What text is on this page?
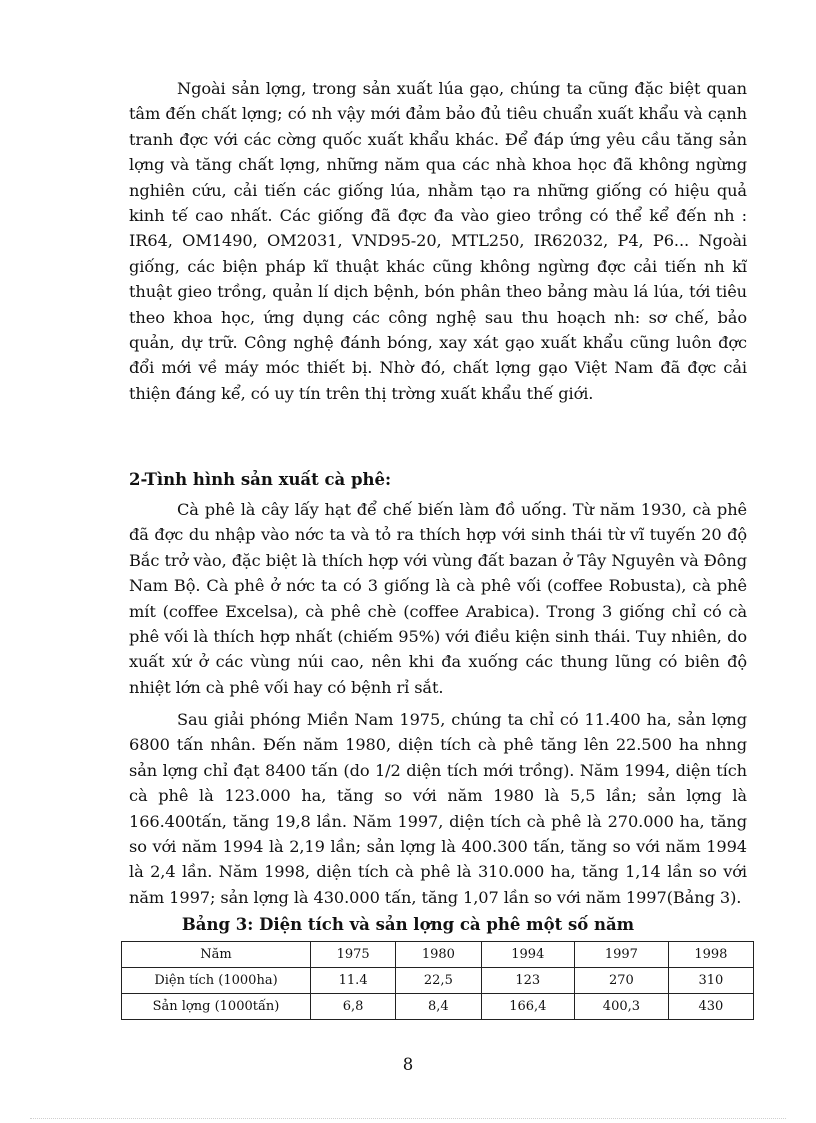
Ngoài sản lợng, trong sản xuất lúa gạo, chúng ta cũng đặc biệt quan tâm đến chất lợng; có nh vậy mới đảm bảo đủ tiêu chuẩn xuất khẩu và cạnh tranh đợc với các cờng quốc xuất khẩu khác. Để đáp ứng yêu cầu tăng sản lợng và tăng chất lợng, những năm qua các nhà khoa học đã không ngừng nghiên cứu, cải tiến các giống lúa, nhằm tạo ra những giống có hiệu quả kinh tế cao nhất. Các giống đã đợc đa vào gieo trồng có thể kể đến nh : IR64, OM1490, OM2031, VND95-20, MTL250, IR62032, P4, P6... Ngoài giống, các biện pháp kĩ thuật khác cũng không ngừng đợc cải tiến nh kĩ thuật gieo trồng, quản lí dịch bệnh, bón phân theo bảng màu lá lúa, tới tiêu theo khoa học, ứng dụng các công nghệ sau thu hoạch nh: sơ chế, bảo quản, dự trữ. Công nghệ đánh bóng, xay xát gạo xuất khẩu cũng luôn đợc đổi mới về máy móc thiết bị. Nhờ đó, chất lợng gạo Việt Nam đã đợc cải thiện đáng kể, có uy tín trên thị trờng xuất khẩu thế giới.

2-Tình hình sản xuất cà phê:

Cà phê là cây lấy hạt để chế biến làm đồ uống. Từ năm 1930, cà phê đã đợc du nhập vào nớc ta và tỏ ra thích hợp với sinh thái từ vĩ tuyến 20 độ Bắc trở vào, đặc biệt là thích hợp với vùng đất bazan ở Tây Nguyên và Đông Nam Bộ. Cà phê ở nớc ta có 3 giống là cà phê vối (coffee Robusta), cà phê mít (coffee Excelsa), cà phê chè (coffee Arabica). Trong 3 giống chỉ có cà phê vối là thích hợp nhất (chiếm 95%) với điều kiện sinh thái. Tuy nhiên, do xuất xứ ở các vùng núi cao, nên khi đa xuống các thung lũng có biên độ nhiệt lớn cà phê vối hay có bệnh rỉ sắt.

Sau giải phóng Miền Nam 1975, chúng ta chỉ có 11.400 ha, sản lợng 6800 tấn nhân. Đến năm 1980, diện tích cà phê tăng lên 22.500 ha nhng sản lợng chỉ đạt 8400 tấn (do 1/2 diện tích mới trồng). Năm 1994, diện tích cà phê là 123.000 ha, tăng so với năm 1980 là 5,5 lần; sản lợng là 166.400tấn, tăng 19,8 lần. Năm 1997, diện tích cà phê là 270.000 ha, tăng so với năm 1994 là 2,19 lần; sản lợng là 400.300 tấn, tăng so với năm 1994 là 2,4 lần. Năm 1998, diện tích cà phê là 310.000 ha, tăng 1,14 lần so với năm 1997; sản lợng là 430.000 tấn, tăng 1,07 lần so với năm 1997(Bảng 3).

Bảng 3: Diện tích và sản lợng cà phê một số năm

Năm	1975	1980	1994	1997	1998
Diện tích (1000ha)	11.4	22,5	123	270	310
Sản lợng (1000tấn)	6,8	8,4	166,4	400,3	430

8
